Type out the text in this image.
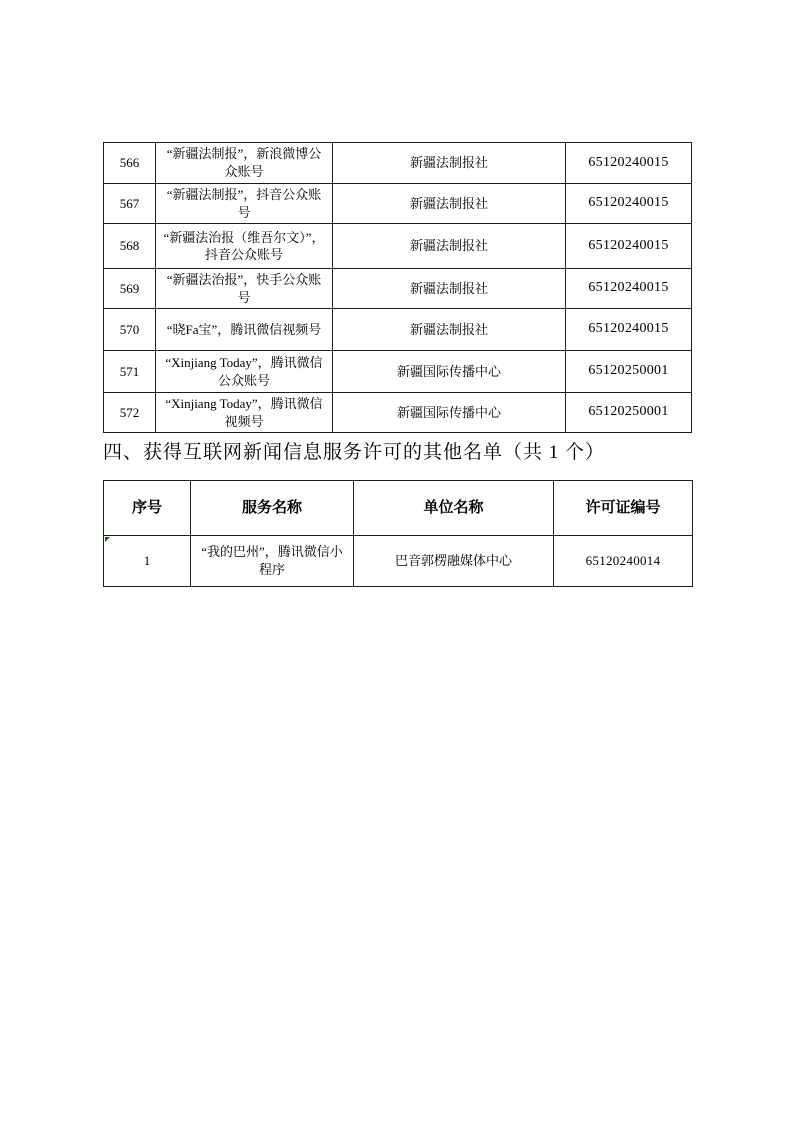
566	“新疆法制报”，新浪微博公众账号	新疆法制报社	65120240015
567	“新疆法制报”，抖音公众账号	新疆法制报社	65120240015
568	“新疆法治报（维吾尔文）”，抖音公众账号	新疆法制报社	65120240015
569	“新疆法治报”，快手公众账号	新疆法制报社	65120240015
570	“晓Fa宝”，腾讯微信视频号	新疆法制报社	65120240015
571	“Xinjiang Today”，腾讯微信公众账号	新疆国际传播中心	65120250001
572	“Xinjiang Today”，腾讯微信视频号	新疆国际传播中心	65120250001
四、获得互联网新闻信息服务许可的其他名单（共 1 个）
序号	服务名称	单位名称	许可证编号
1	“我的巴州”，腾讯微信小程序	巴音郭楞融媒体中心	65120240014
